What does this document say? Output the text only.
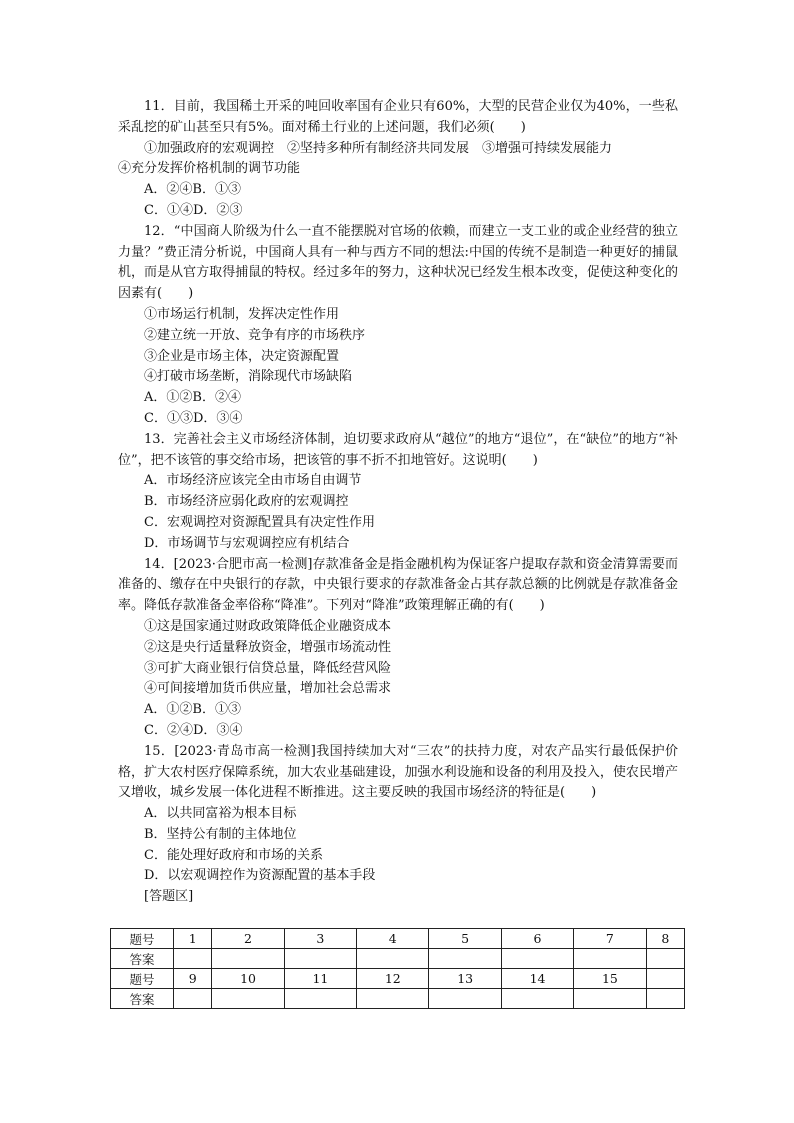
11．目前，我国稀土开采的吨回收率国有企业只有60%，大型的民营企业仅为40%，一些私采乱挖的矿山甚至只有5%。面对稀土行业的上述问题，我们必须(　　)

①加强政府的宏观调控　②坚持多种所有制经济共同发展　③增强可持续发展能力

④充分发挥价格机制的调节功能

A．②④B．①③

C．①④D．②③

12．“中国商人阶级为什么一直不能摆脱对官场的依赖，而建立一支工业的或企业经营的独立力量？”费正清分析说，中国商人具有一种与西方不同的想法:中国的传统不是制造一种更好的捕鼠机，而是从官方取得捕鼠的特权。经过多年的努力，这种状况已经发生根本改变，促使这种变化的因素有(　　)

①市场运行机制，发挥决定性作用

②建立统一开放、竞争有序的市场秩序

③企业是市场主体，决定资源配置

④打破市场垄断，消除现代市场缺陷

A．①②B．②④

C．①③D．③④

13．完善社会主义市场经济体制，迫切要求政府从“越位”的地方“退位”，在“缺位”的地方“补位”，把不该管的事交给市场，把该管的事不折不扣地管好。这说明(　　)

A．市场经济应该完全由市场自由调节

B．市场经济应弱化政府的宏观调控

C．宏观调控对资源配置具有决定性作用

D．市场调节与宏观调控应有机结合

14．[2023·合肥市高一检测]存款准备金是指金融机构为保证客户提取存款和资金清算需要而准备的、缴存在中央银行的存款，中央银行要求的存款准备金占其存款总额的比例就是存款准备金率。降低存款准备金率俗称“降准”。下列对“降准”政策理解正确的有(　　)

①这是国家通过财政政策降低企业融资成本

②这是央行适量释放资金，增强市场流动性

③可扩大商业银行信贷总量，降低经营风险

④可间接增加货币供应量，增加社会总需求

A．①②B．①③

C．②④D．③④

15．[2023·青岛市高一检测]我国持续加大对“三农”的扶持力度，对农产品实行最低保护价格，扩大农村医疗保障系统，加大农业基础建设，加强水利设施和设备的利用及投入，使农民增产又增收，城乡发展一体化进程不断推进。这主要反映的我国市场经济的特征是(　　)

A．以共同富裕为根本目标

B．坚持公有制的主体地位

C．能处理好政府和市场的关系

D．以宏观调控作为资源配置的基本手段

[答题区]

题号	1	2	3	4	5	6	7	8
答案								
题号	9	10	11	12	13	14	15	
答案								
